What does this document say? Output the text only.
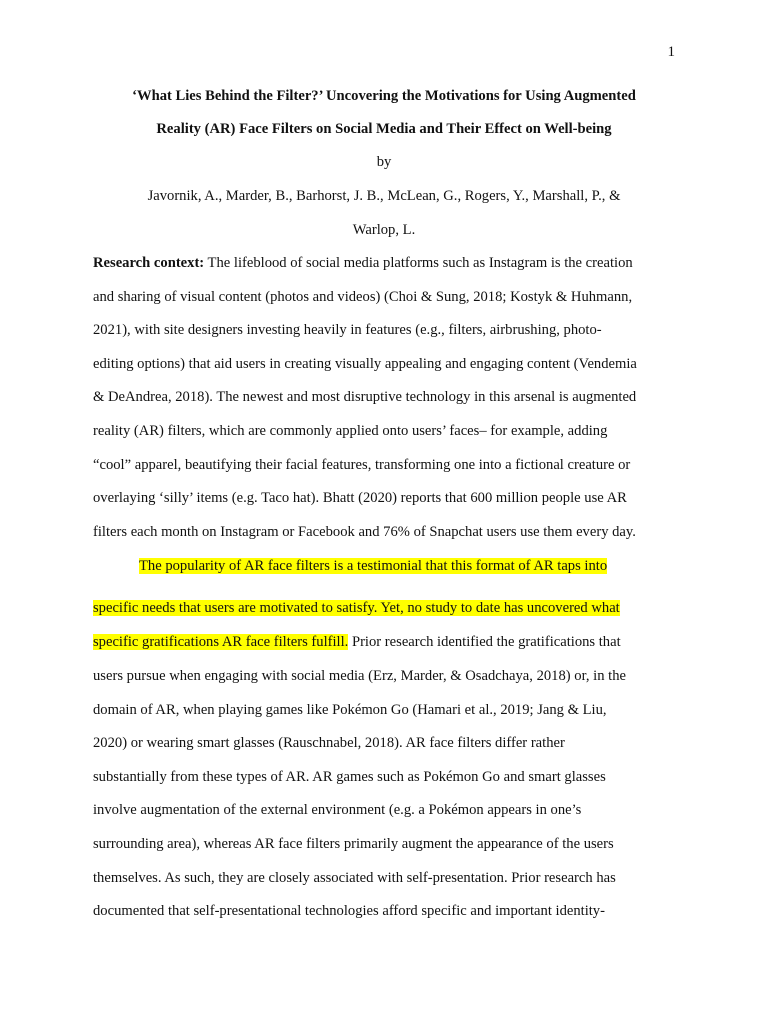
1
‘What Lies Behind the Filter?’ Uncovering the Motivations for Using Augmented
Reality (AR) Face Filters on Social Media and Their Effect on Well-being
by
Javornik, A., Marder, B., Barhorst, J. B., McLean, G., Rogers, Y., Marshall, P., &
Warlop, L.
Research context: The lifeblood of social media platforms such as Instagram is the creation
and sharing of visual content (photos and videos) (Choi & Sung, 2018; Kostyk & Huhmann,
2021), with site designers investing heavily in features (e.g., filters, airbrushing, photo-
editing options) that aid users in creating visually appealing and engaging content (Vendemia
& DeAndrea, 2018). The newest and most disruptive technology in this arsenal is augmented
reality (AR) filters, which are commonly applied onto users’ faces– for example, adding
“cool” apparel, beautifying their facial features, transforming one into a fictional creature or
overlaying ‘silly’ items (e.g. Taco hat). Bhatt (2020) reports that 600 million people use AR
filters each month on Instagram or Facebook and 76% of Snapchat users use them every day.
The popularity of AR face filters is a testimonial that this format of AR taps into
specific needs that users are motivated to satisfy. Yet, no study to date has uncovered what
specific gratifications AR face filters fulfill. Prior research identified the gratifications that
users pursue when engaging with social media (Erz, Marder, & Osadchaya, 2018) or, in the
domain of AR, when playing games like Pokémon Go (Hamari et al., 2019; Jang & Liu,
2020) or wearing smart glasses (Rauschnabel, 2018). AR face filters differ rather
substantially from these types of AR. AR games such as Pokémon Go and smart glasses
involve augmentation of the external environment (e.g. a Pokémon appears in one’s
surrounding area), whereas AR face filters primarily augment the appearance of the users
themselves. As such, they are closely associated with self-presentation. Prior research has
documented that self-presentational technologies afford specific and important identity-
